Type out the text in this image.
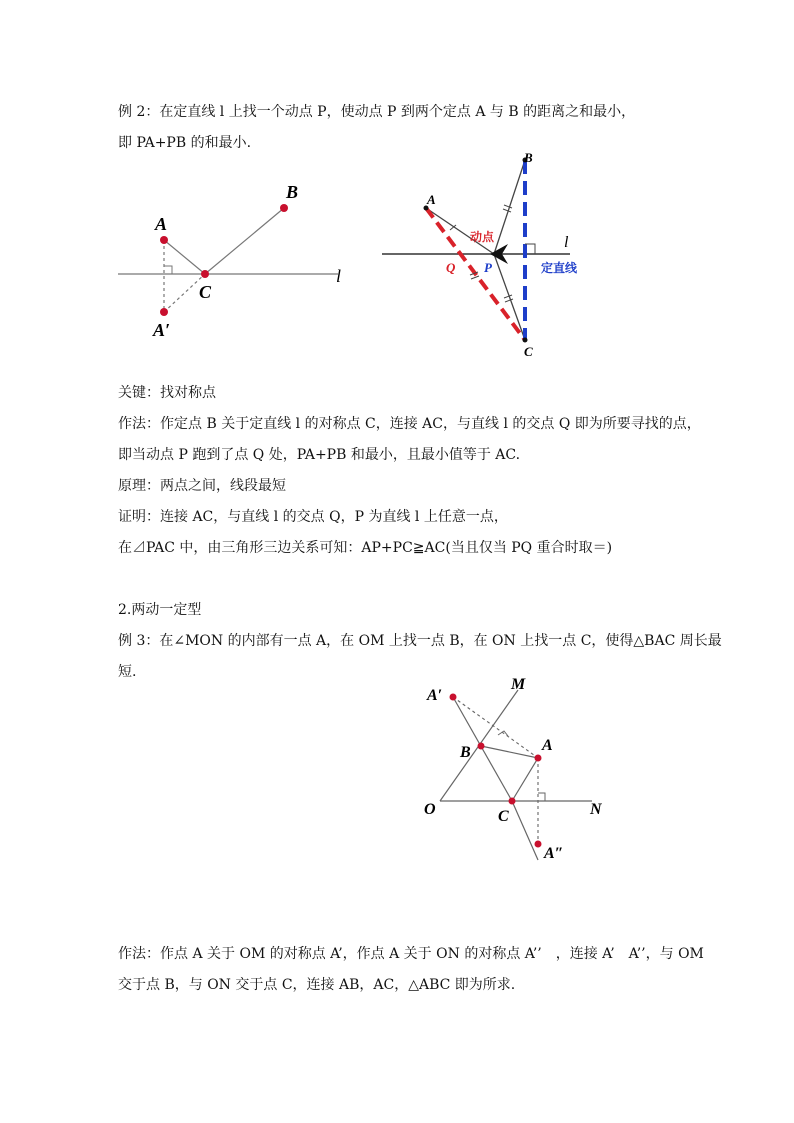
例 2：在定直线 l 上找一个动点 P，使动点 P 到两个定点 A 与 B 的距离之和最小，
即 PA+PB 的和最小.
A
B
C
A′
l
A
B
C
P
Q
l
动点
定直线
关键：找对称点
作法：作定点 B 关于定直线 l 的对称点 C，连接 AC，与直线 l 的交点 Q 即为所要寻找的点，
即当动点 P 跑到了点 Q 处，PA+PB 和最小，且最小值等于 AC.
原理：两点之间，线段最短
证明：连接 AC，与直线 l 的交点 Q，P 为直线 l 上任意一点，
在⊿PAC 中，由三角形三边关系可知：AP+PC≧AC(当且仅当 PQ 重合时取＝)
2.两动一定型
例 3：在∠MON 的内部有一点 A，在 OM 上找一点 B，在 ON 上找一点 C，使得△BAC 周长最
短.
A′
M
B	A
O	C	N
A″
作法：作点 A 关于 OM 的对称点 A’，作点 A 关于 ON 的对称点 A’’　，连接 A’　A’’，与 OM
交于点 B，与 ON 交于点 C，连接 AB，AC，△ABC 即为所求.
